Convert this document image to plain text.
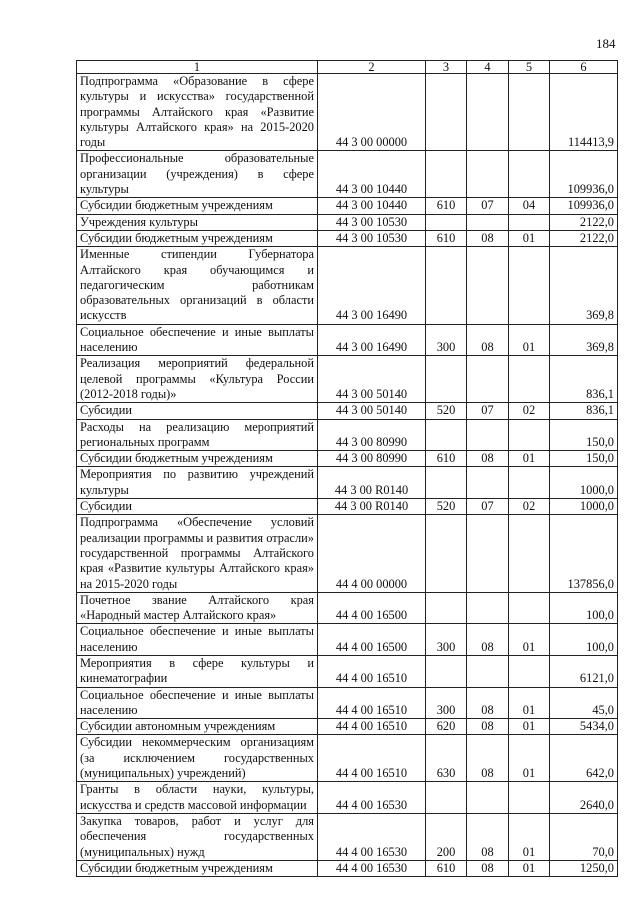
184
1	2	3	4	5	6
Подпрограмма «Образование в сфере культуры и искусства» государственной программы Алтайского края «Развитие культуры Алтайского края» на 2015-2020 годы	44 3 00 00000				114413,9
Профессиональные образовательные организации (учреждения) в сфере культуры	44 3 00 10440				109936,0
Субсидии бюджетным учреждениям	44 3 00 10440	610	07	04	109936,0
Учреждения культуры	44 3 00 10530				2122,0
Субсидии бюджетным учреждениям	44 3 00 10530	610	08	01	2122,0
Именные стипендии Губернатора Алтайского края обучающимся и педагогическим работникам образовательных организаций в области искусств	44 3 00 16490				369,8
Социальное обеспечение и иные выплаты населению	44 3 00 16490	300	08	01	369,8
Реализация мероприятий федеральной целевой программы «Культура России (2012-2018 годы)»	44 3 00 50140				836,1
Субсидии	44 3 00 50140	520	07	02	836,1
Расходы на реализацию мероприятий региональных программ	44 3 00 80990				150,0
Субсидии бюджетным учреждениям	44 3 00 80990	610	08	01	150,0
Мероприятия по развитию учреждений культуры	44 3 00 R0140				1000,0
Субсидии	44 3 00 R0140	520	07	02	1000,0
Подпрограмма «Обеспечение условий реализации программы и развития отрасли» государственной программы Алтайского края «Развитие культуры Алтайского края» на 2015-2020 годы	44 4 00 00000				137856,0
Почетное звание Алтайского края «Народный мастер Алтайского края»	44 4 00 16500				100,0
Социальное обеспечение и иные выплаты населению	44 4 00 16500	300	08	01	100,0
Мероприятия в сфере культуры и кинематографии	44 4 00 16510				6121,0
Социальное обеспечение и иные выплаты населению	44 4 00 16510	300	08	01	45,0
Субсидии автономным учреждениям	44 4 00 16510	620	08	01	5434,0
Субсидии некоммерческим организациям (за исключением государственных (муниципальных) учреждений)	44 4 00 16510	630	08	01	642,0
Гранты в области науки, культуры, искусства и средств массовой информации	44 4 00 16530				2640,0
Закупка товаров, работ и услуг для обеспечения государственных (муниципальных) нужд	44 4 00 16530	200	08	01	70,0
Субсидии бюджетным учреждениям	44 4 00 16530	610	08	01	1250,0
